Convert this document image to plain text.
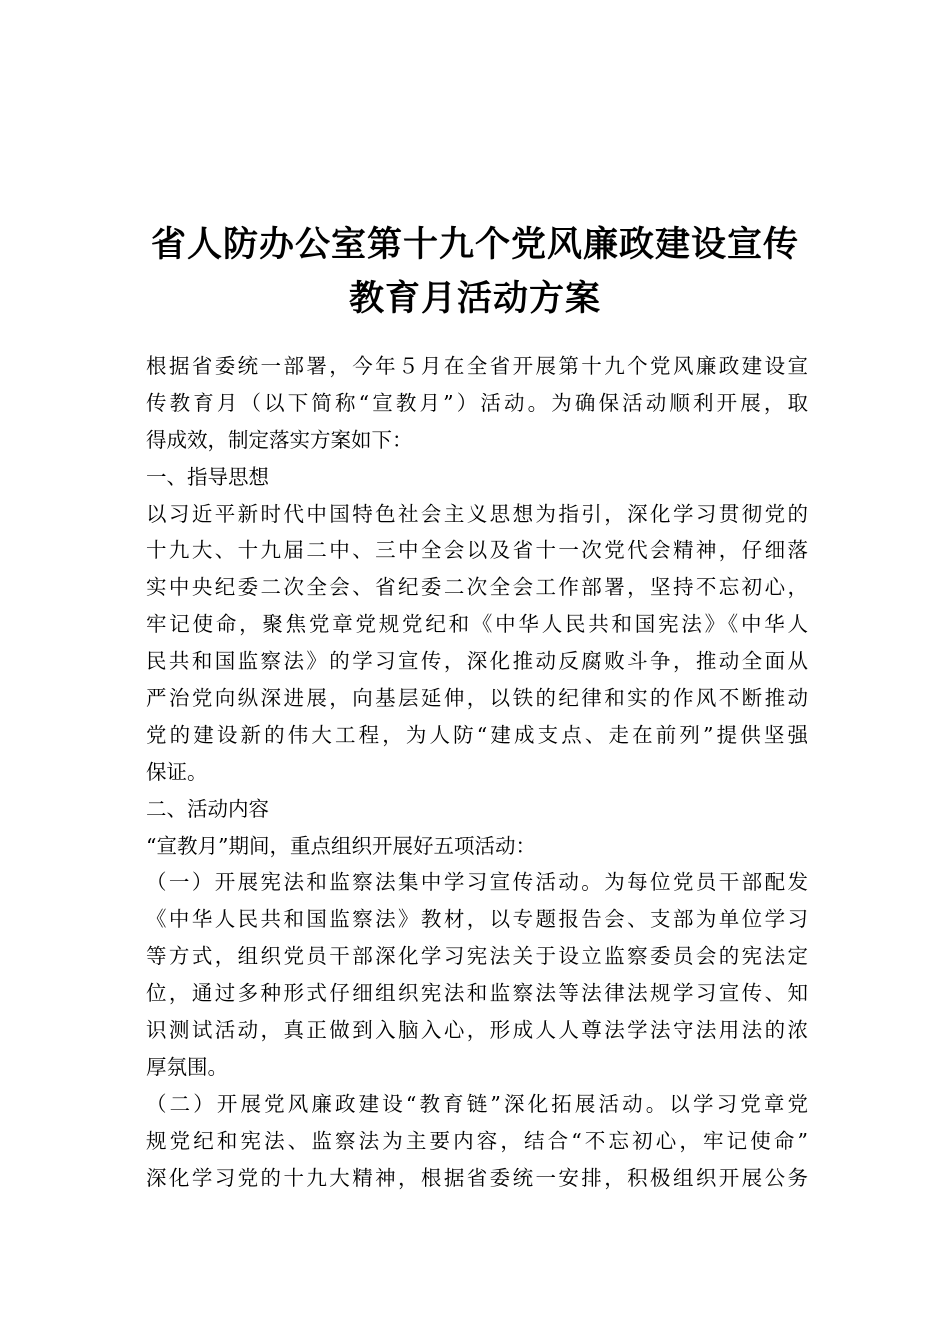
省人防办公室第十九个党风廉政建设宣传
教育月活动方案
根据省委统一部署，今年５月在全省开展第十九个党风廉政建设宣
传教育月（以下简称“宣教月”）活动。为确保活动顺利开展，取
得成效，制定落实方案如下：
一、指导思想
以习近平新时代中国特色社会主义思想为指引，深化学习贯彻党的
十九大、十九届二中、三中全会以及省十一次党代会精神，仔细落
实中央纪委二次全会、省纪委二次全会工作部署，坚持不忘初心，
牢记使命，聚焦党章党规党纪和《中华人民共和国宪法》《中华人
民共和国监察法》的学习宣传，深化推动反腐败斗争，推动全面从
严治党向纵深进展，向基层延伸，以铁的纪律和实的作风不断推动
党的建设新的伟大工程，为人防“建成支点、走在前列”提供坚强
保证。
二、活动内容
“宣教月”期间，重点组织开展好五项活动：
（一）开展宪法和监察法集中学习宣传活动。为每位党员干部配发
《中华人民共和国监察法》教材，以专题报告会、支部为单位学习
等方式，组织党员干部深化学习宪法关于设立监察委员会的宪法定
位，通过多种形式仔细组织宪法和监察法等法律法规学习宣传、知
识测试活动，真正做到入脑入心，形成人人尊法学法守法用法的浓
厚氛围。
（二）开展党风廉政建设“教育链”深化拓展活动。以学习党章党
规党纪和宪法、监察法为主要内容，结合“不忘初心，牢记使命”
深化学习党的十九大精神，根据省委统一安排，积极组织开展公务
